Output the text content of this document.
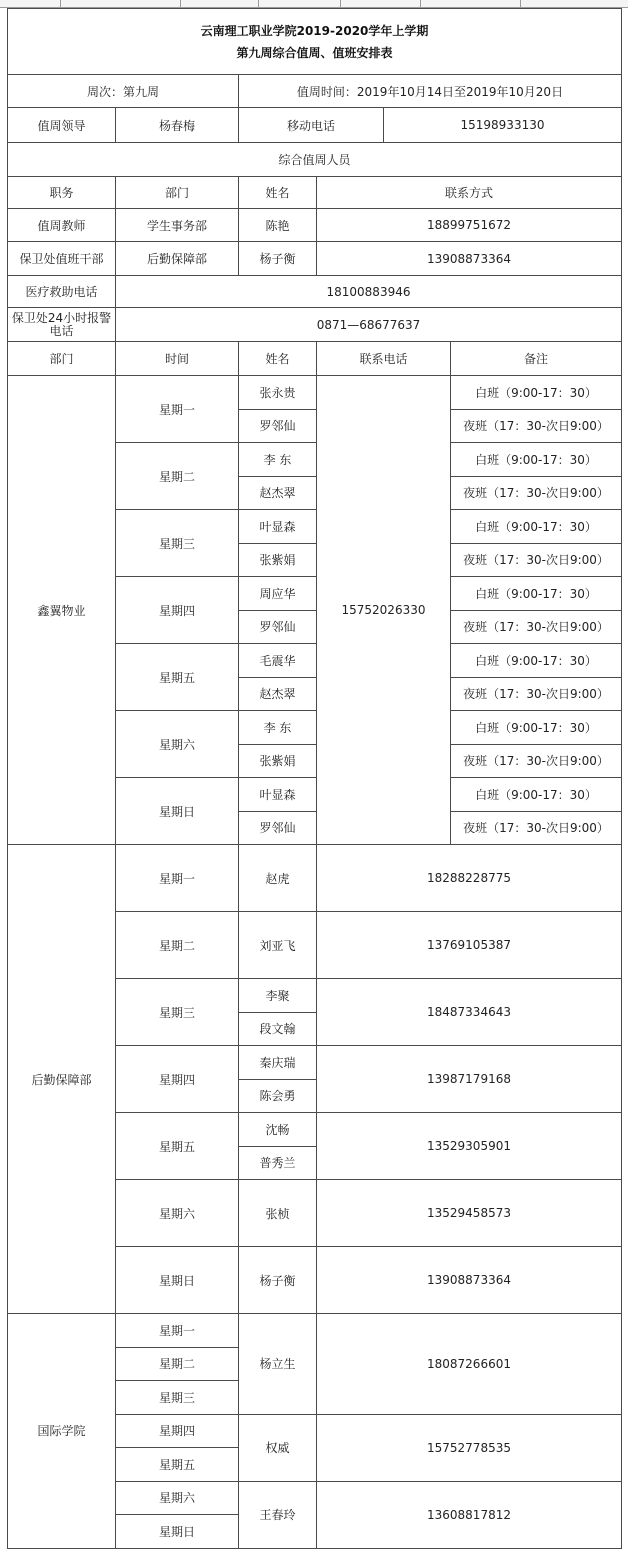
云南理工职业学院2019-2020学年上学期
第九周综合值周、值班安排表					

周次：第九周		值周时间：2019年10月14日至2019年10月20日			
值周领导	杨春梅	移动电话		15198933130	
综合值周人员					
职务	部门	姓名	联系方式		
值周教师	学生事务部	陈艳	18899751672		
保卫处值班干部	后勤保障部	杨子衡	13908873364		
医疗救助电话	18100883946				
保卫处24小时报警电话	0871—68677637				
部门	时间	姓名	联系电话		备注
鑫翼物业	星期一	张永贵	15752026330		白班（9:00-17：30）
		罗邻仙			夜班（17：30-次日9:00）
	星期二	李 东			白班（9:00-17：30）
		赵杰翠			夜班（17：30-次日9:00）
	星期三	叶显森			白班（9:00-17：30）
		张紫娟			夜班（17：30-次日9:00）
	星期四	周应华			白班（9:00-17：30）
		罗邻仙			夜班（17：30-次日9:00）
	星期五	毛震华			白班（9:00-17：30）
		赵杰翠			夜班（17：30-次日9:00）
	星期六	李 东			白班（9:00-17：30）
		张紫娟			夜班（17：30-次日9:00）
	星期日	叶显森			白班（9:00-17：30）
		罗邻仙			夜班（17：30-次日9:00）
后勤保障部	星期一	赵虎	18288228775		

	星期二	刘亚飞	13769105387		

	星期三	李聚	18487334643		
		段文翰			
	星期四	秦庆瑞	13987179168		
		陈会勇			
	星期五	沈畅	13529305901		
		普秀兰			
	星期六	张桢	13529458573		

	星期日	杨子衡	13908873364		

国际学院	星期一	杨立生	18087266601		
	星期二				
	星期三				
	星期四	权威	15752778535		
	星期五				
	星期六	王春玲	13608817812		
	星期日				
